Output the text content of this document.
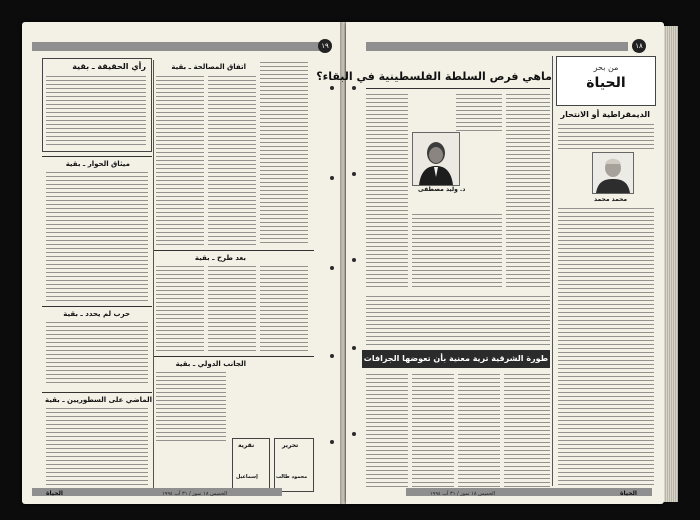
١٩
رأي الحقيقة ـ بقية	اتفاق المصالحة ـ بقية
ميثاق الحوار ـ بقية
بعد طرح ـ بقية
حرب لم يحدد ـ بقية
الجانب الدولي ـ بقية
نقرية
إسماعيل
تحرير
محمود طالب
الماضي على السطوريين ـ بقية
الخميس ١٨ تموز / ٣١ آب ١٩٩٤
الحياة
١٨
من بحر
الحياة
ماهي فرص السلطة الفلسطينية في البقاء؟
د. وليد مصطفى
الديمقراطية أو الانتحار
محمد محمد
طورة الشرقية ترية معنية بأن تعوضها الجرافات
الخميس ١٨ تموز / ٣١ آب ١٩٩٤	الحياة
